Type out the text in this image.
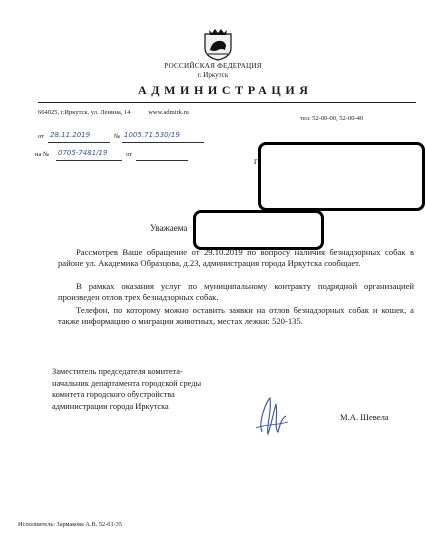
РОССИЙСКАЯ ФЕДЕРАЦИЯ
г. Иркутск
АДМИНИСТРАЦИЯ
664025, г.Иркутск, ул. Ленина, 14	www.admirk.ru
тел. 52-00-00, 52-00-40
от 28.11.2019	№ 1005.71.530/19
на № 0705-7481/19	от
г
Уважаема
Рассмотрев Ваше обращение от 29.10.2019 по вопросу наличия безнадзорных собак в районе ул. Академика Образцова, д.23, администрация города Иркутска сообщает.
В рамках оказания услуг по муниципальному контракту подрядной организацией произведен отлов трех безнадзорных собак.
Телефон, по которому можно оставить заявки на отлов безнадзорных собак и кошек, а также информацию о миграции животных, местах лежки: 520-135.
Заместитель председателя комитета-
начальник департамента городской среды
комитета городского обустройства
администрации города Иркутска
М.А. Шевела
Исполнитель: Зармакова А.В. 52-01-35
